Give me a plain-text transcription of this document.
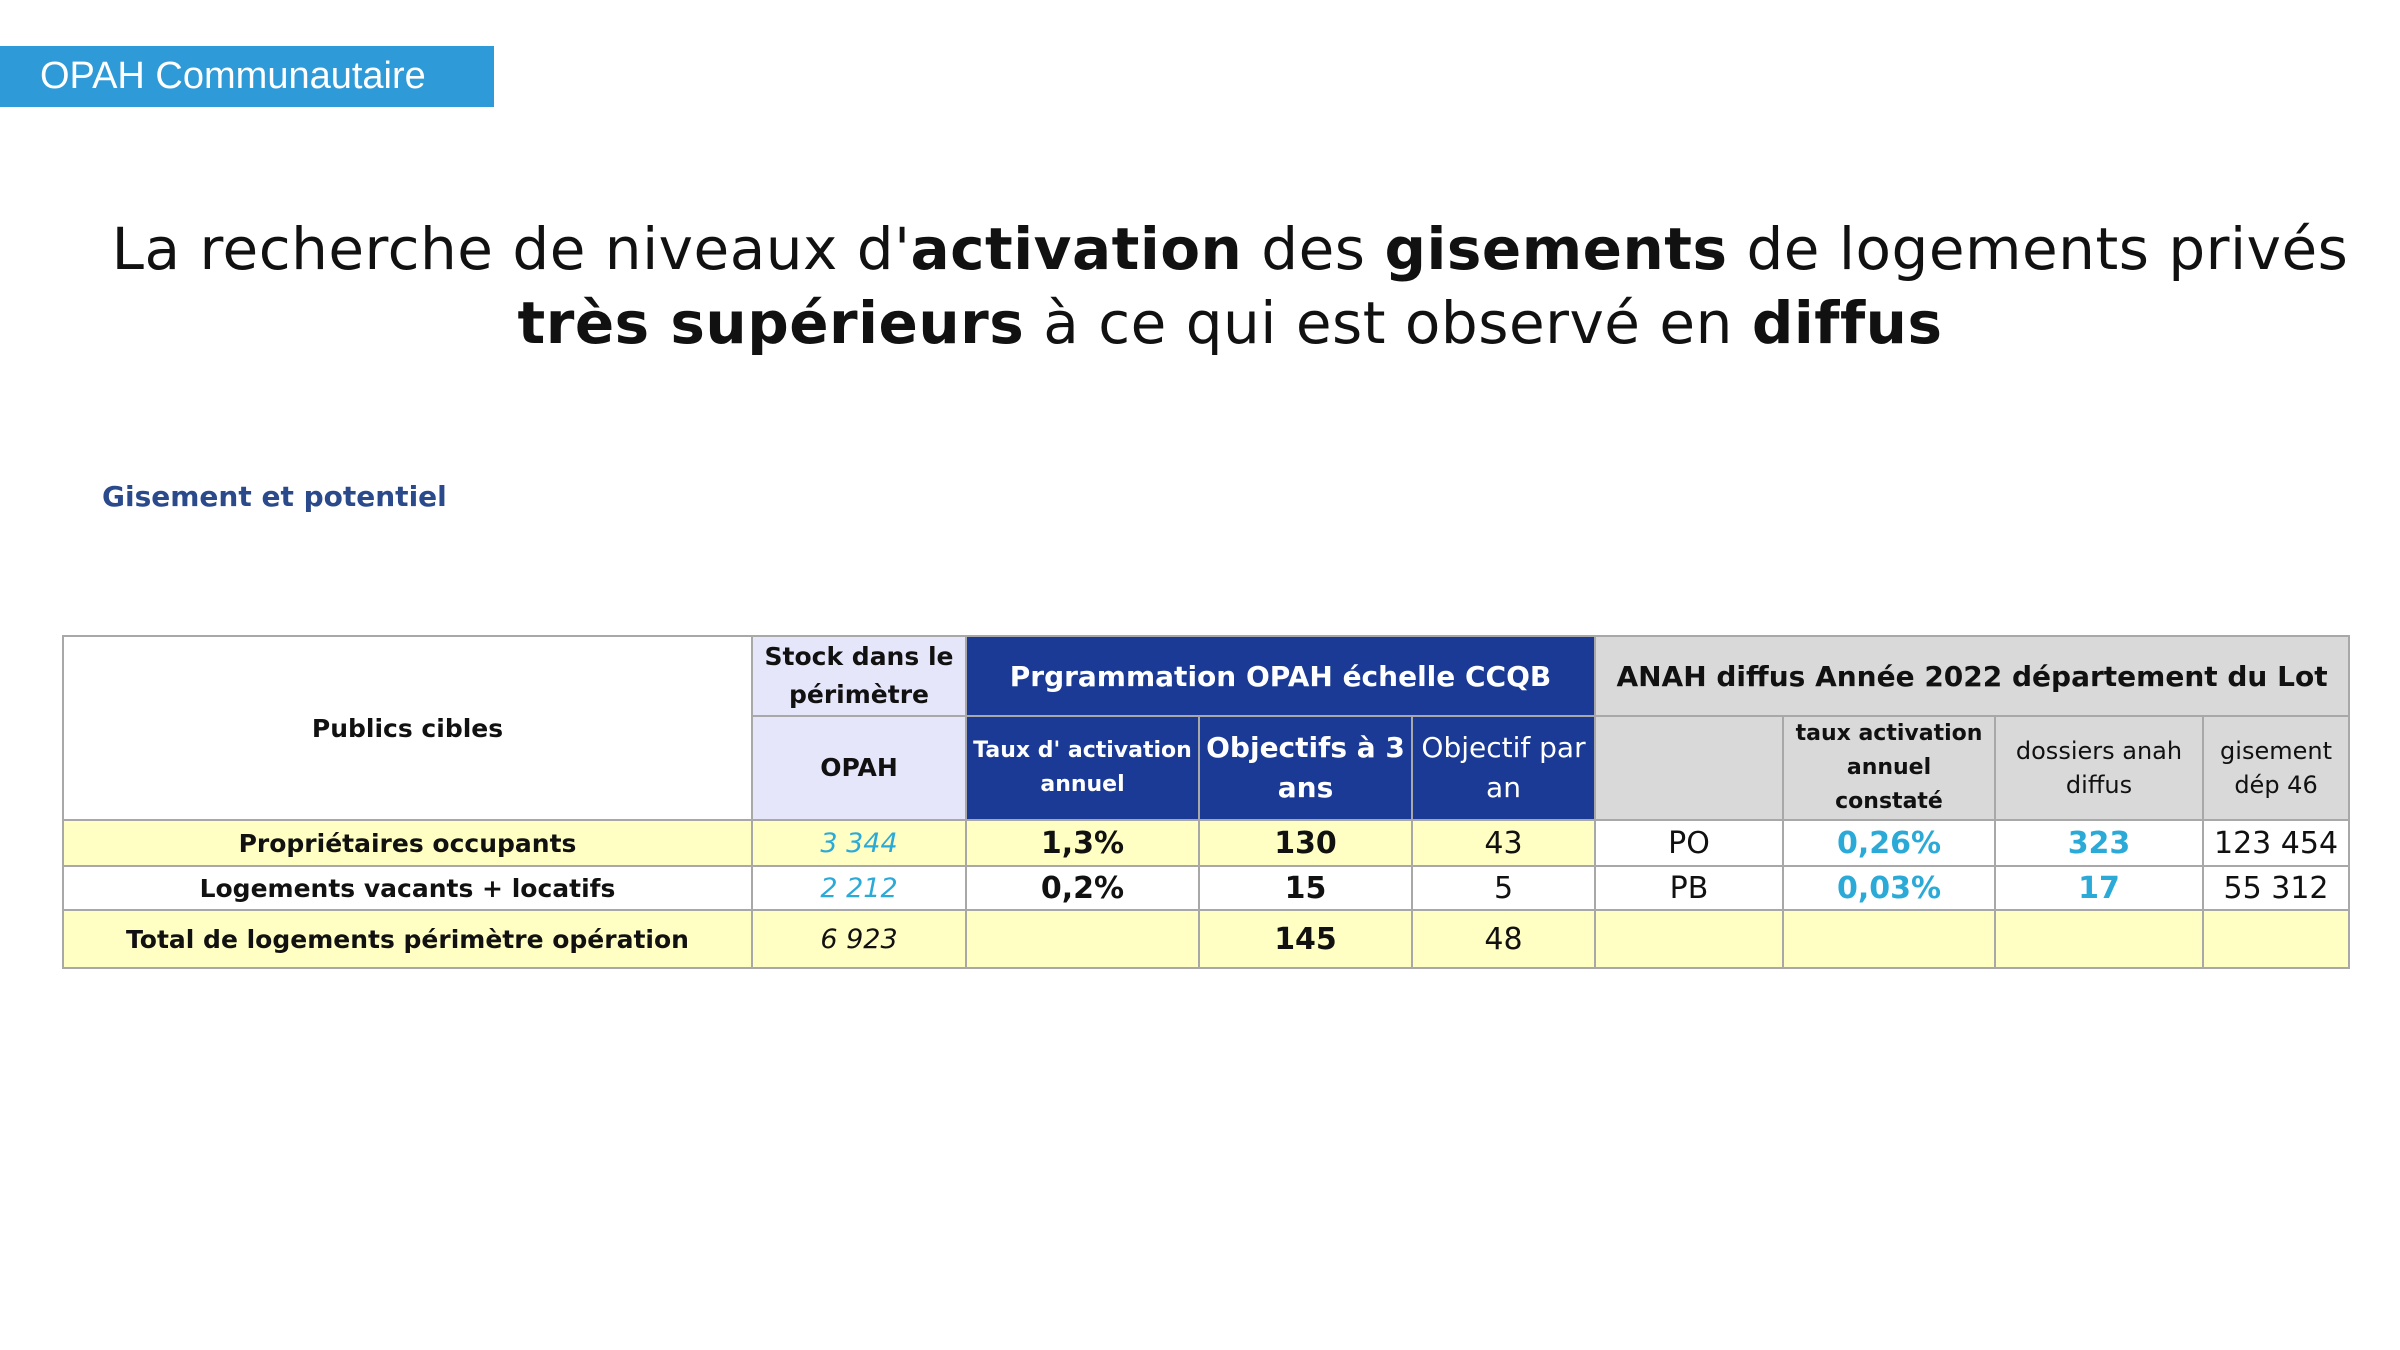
OPAH Communautaire
La recherche de niveaux d'activation des gisements de logements privés
très supérieurs à ce qui est observé en diffus
Gisement et potentiel
Publics cibles	Stock dans le périmètre	Prgrammation OPAH échelle CCQB			ANAH diffus Année 2022 département du Lot			
	OPAH	Taux d' activation annuel	Objectifs à 3 ans	Objectif par an		taux activation annuel constaté	dossiers anah diffus	gisement dép 46
Propriétaires occupants	3 344	1,3%	130	43	PO	0,26%	323	123 454
Logements vacants + locatifs	2 212	0,2%	15	5	PB	0,03%	17	55 312
Total de logements périmètre opération	6 923		145	48				
